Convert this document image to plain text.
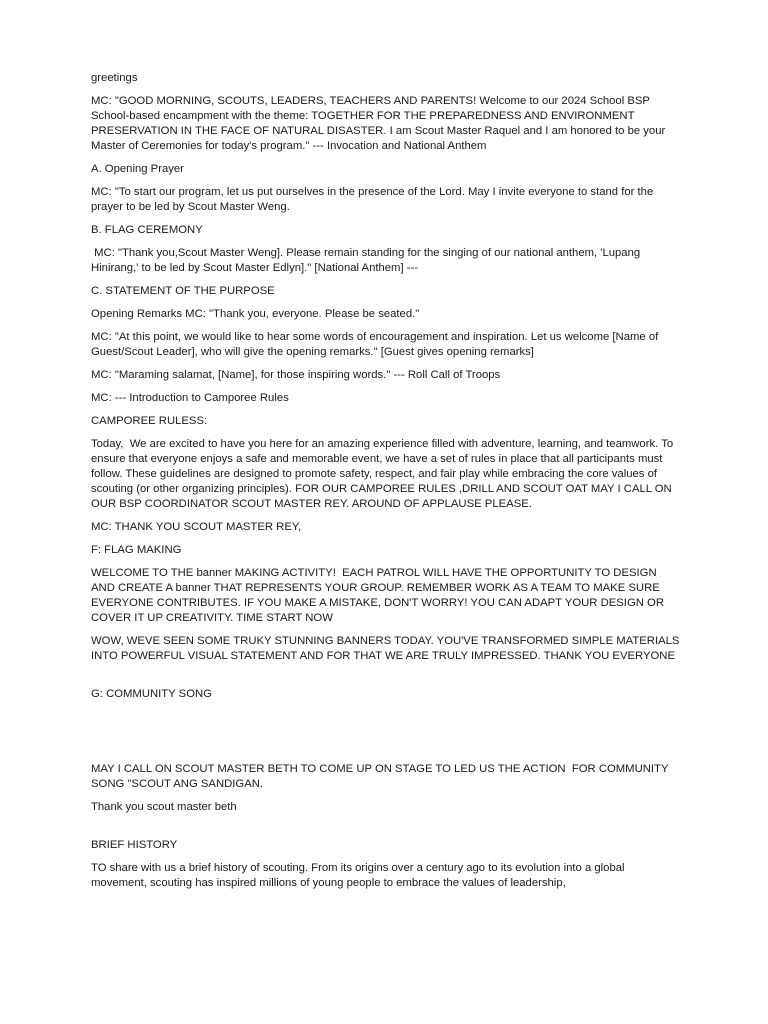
greetings

MC: "GOOD MORNING, SCOUTS, LEADERS, TEACHERS AND PARENTS! Welcome to our 2024 School BSP School-based encampment with the theme: TOGETHER FOR THE PREPAREDNESS AND ENVIRONMENT PRESERVATION IN THE FACE OF NATURAL DISASTER. I am Scout Master Raquel and I am honored to be your Master of Ceremonies for today's program." --- Invocation and National Anthem

A. Opening Prayer

MC: "To start our program, let us put ourselves in the presence of the Lord. May I invite everyone to stand for the prayer to be led by Scout Master Weng.

B. FLAG CEREMONY

MC: "Thank you,Scout Master Weng]. Please remain standing for the singing of our national anthem, 'Lupang Hinirang,' to be led by Scout Master Edlyn]." [National Anthem] ---

C. STATEMENT OF THE PURPOSE

Opening Remarks MC: "Thank you, everyone. Please be seated."

MC: "At this point, we would like to hear some words of encouragement and inspiration. Let us welcome [Name of Guest/Scout Leader], who will give the opening remarks." [Guest gives opening remarks]

MC: "Maraming salamat, [Name], for those inspiring words." --- Roll Call of Troops

MC: --- Introduction to Camporee Rules

CAMPOREE RULESS:

Today,  We are excited to have you here for an amazing experience filled with adventure, learning, and teamwork. To ensure that everyone enjoys a safe and memorable event, we have a set of rules in place that all participants must follow. These guidelines are designed to promote safety, respect, and fair play while embracing the core values of scouting (or other organizing principles). FOR OUR CAMPOREE RULES ,DRILL AND SCOUT OAT MAY I CALL ON OUR BSP COORDINATOR SCOUT MASTER REY. AROUND OF APPLAUSE PLEASE.

MC: THANK YOU SCOUT MASTER REY,

F: FLAG MAKING

WELCOME TO THE banner MAKING ACTIVITY!  EACH PATROL WILL HAVE THE OPPORTUNITY TO DESIGN AND CREATE A banner THAT REPRESENTS YOUR GROUP. REMEMBER WORK AS A TEAM TO MAKE SURE EVERYONE CONTRIBUTES. IF YOU MAKE A MISTAKE, DON'T WORRY! YOU CAN ADAPT YOUR DESIGN OR COVER IT UP CREATIVITY. TIME START NOW

WOW, WEVE SEEN SOME TRUKY STUNNING BANNERS TODAY. YOU'VE TRANSFORMED SIMPLE MATERIALS INTO POWERFUL VISUAL STATEMENT AND FOR THAT WE ARE TRULY IMPRESSED. THANK YOU EVERYONE

G: COMMUNITY SONG

MAY I CALL ON SCOUT MASTER BETH TO COME UP ON STAGE TO LED US THE ACTION  FOR COMMUNITY SONG "SCOUT ANG SANDIGAN.

Thank you scout master beth

BRIEF HISTORY

TO share with us a brief history of scouting. From its origins over a century ago to its evolution into a global movement, scouting has inspired millions of young people to embrace the values of leadership,
